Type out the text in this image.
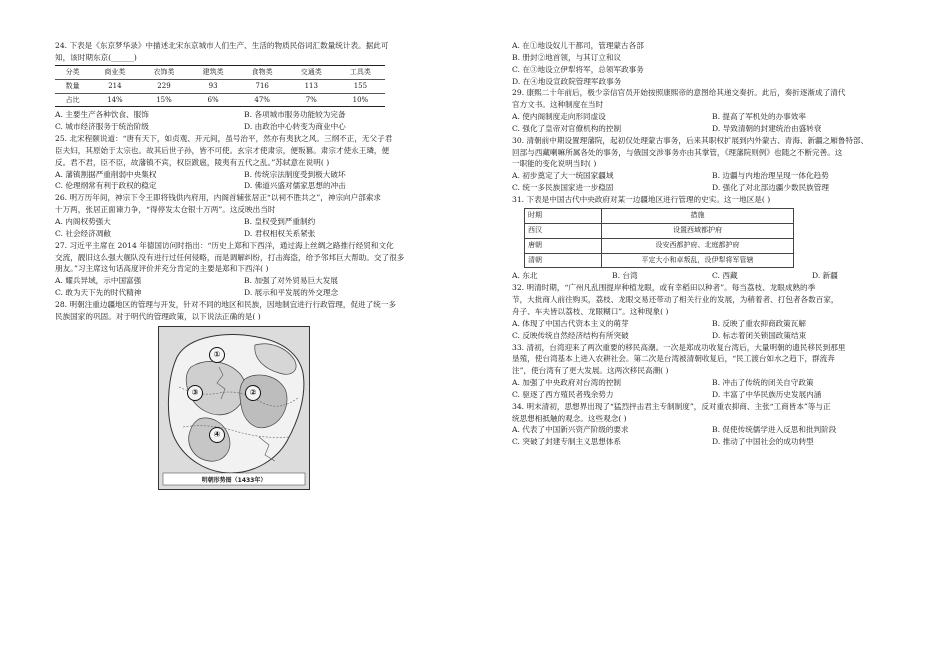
24. 下表是《东京梦华录》中描述北宋东京城市人们生产、生活的物质民俗词汇数量统计表。据此可

知，该时期东京(______)

分类	商业类	衣饰类	建筑类	食物类	交通类	工具类
数量	214	229	93	716	113	155
占比	14%	15%	6%	47%	7%	10%
A. 主要生产各种饮食、服饰	B. 各项城市服务功能较为完备
C. 城市经济服务于统治阶级	D. 由政治中心转变为商业中心

25. 北宋程颐说道：“唐有天下，如贞观、开元间，虽号治平，然亦有夷狄之风。三纲不正，无父子君

臣夫妇，其原始于太宗也。故其后世子孙，皆不可使。玄宗才使肃宗，便叛篡。肃宗才使永王璘，便

反。君不君，臣不臣，故藩镇不宾，权臣跋扈，陵夷有五代之乱。”苏轼意在说明( )

A. 藩镇割据严重削弱中央集权	B. 传统宗法制度受到极大破坏
C. 伦理纲常有利于政权的稳定	D. 佛道兴盛对儒家思想的冲击

26. 明万历年间，神宗下令王即将钱供内府用，内阁首辅张居正“以祠不胜共之”，神宗向户部索求

十万两，张居正面谏力争，“得停发太仓银十万两”。这反映出当时

A. 内阁权势强大	B. 皇权受到严重制约
C. 社会经济凋敝	D. 君权相权关系紧张

27. 习近平主席在 2014 年德国访问时指出：“历史上郑和下西洋，通过海上丝绸之路推行经贸和文化

交流，靓旧这么强大舰队没有进行过任何侵略，而是调解纠纷，打击海盗，给予邻邦巨大帮助。交了很多

朋友。”习主席这句话高度评价并充分肯定的主要是郑和下西洋( )

A. 耀兵异域，示中国富强	B. 加强了对外贸易巨大发展
C. 敢为天下先的时代精神	D. 展示和平发展的外交理念

28. 明朝注重边疆地区的管理与开发，针对不同的地区和民族，因地制宜进行行政管理，促进了统一多

民族国家的巩固。对于明代的管理政策，以下说法正确的是( )

①
②
③
④
明朝形势图（1433年）
A. 在①地设奴儿干都司，管理蒙古各部
B. 册封②地首领，与其订立和议
C. 在③地设立伊犁将军，总领军政事务
D. 在④地设宣政院管理军政事务

29. 康熙二十年前后，极少亲信官员开始按照康熙帝的意图给其递交奏折。此后，奏折逐渐成了清代

官方文书。这种制度在当时

A. 使内阁制度走向形同虚设	B. 提高了军机处的办事效率
C. 强化了皇帝对官僚机构的控制	D. 导致清朝的封建统治由盛转衰

30. 清朝前中期设置理藩院，起初仅处理蒙古事务，后来其职权扩展到内外蒙古、青海、新疆之厢鲁特部、

回部与西藏喇嘛所属各处的事务，与俄国交涉事务亦由其掌管，《理藩院则例》也随之不断完善。这

一职能的变化说明当时( )

A. 初步奠定了大一统国家疆域	B. 边疆与内地治理呈现一体化趋势
C. 统一多民族国家进一步稳固	D. 强化了对北部边疆少数民族管理

31. 下表是中国古代中央政府对某一边疆地区进行管理的史实。这一地区是( )

时期	措施
西汉	设置西域都护府
唐朝	设安西都护府、北庭都护府
清朝	平定大小和卓叛乱，设伊犁将军管辖
A. 东北	B. 台湾	C. 西藏	D. 新疆

32. 明清时期，“广州凡乱围提岸种植龙眼，或有幸稻田以种者”。每当荔枝、龙眼成熟的季

节，大批商人前往购买，荔枝、龙眼交易还带动了相关行业的发展，为稍着者、打包者各数百家，

舟子、车夫皆以荔枝、龙眼糊口”。这种现象( )

A. 体现了中国古代资本主义的萌芽	B. 反映了重农抑商政策瓦解
C. 反映传统自然经济结构有所突破	D. 标志着闭关锁国政策结束

33. 清初，台湾迎来了两次重要的移民高潮。一次是郑成功收复台湾后，大量明朝的遗民移民到那里

垦殖，使台湾基本上进入农耕社会。第二次是台湾被清朝收复后，“民工渡台如水之趋下，群流奔

注”，使台湾有了更大发展。这两次移民高潮( )

A. 加强了中央政府对台湾的控制	B. 冲击了传统的闭关自守政策
C. 驱逐了西方殖民者残余势力	D. 丰富了中华民族历史发展内涵

34. 明末清初，思想界出现了“猛烈抨击君主专制制度”，反对重农抑商、主张“工商皆本”等与正

统思想相抵触的观念。这些观念( )

A. 代表了中国新兴资产阶级的要求	B. 促使传统儒学进入反思和批判阶段
C. 突破了封建专制主义思想体系	D. 推动了中国社会的成功转型
